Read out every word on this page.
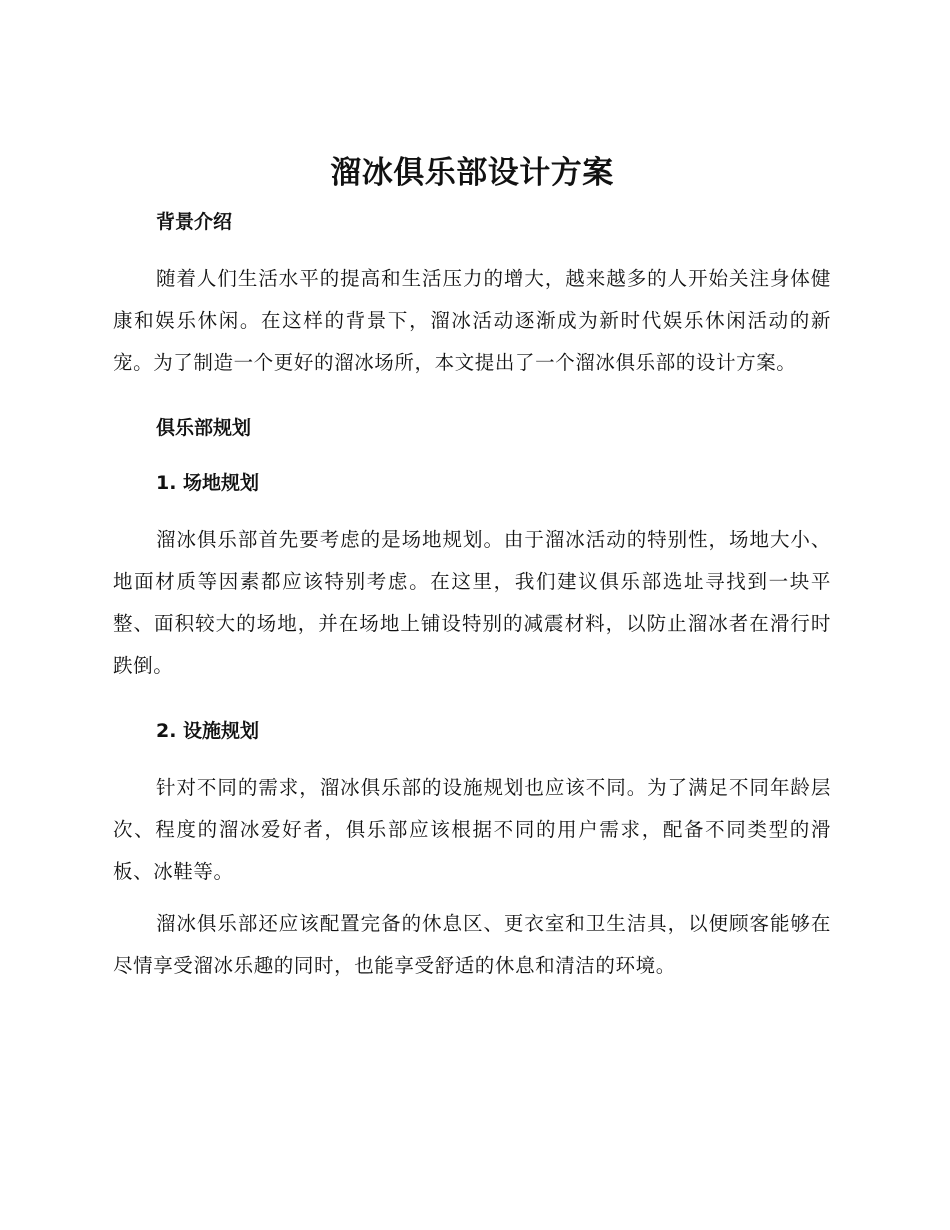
溜冰俱乐部设计方案
背景介绍

随着人们生活水平的提高和生活压力的增大，越来越多的人开始关注身体健康和娱乐休闲。在这样的背景下，溜冰活动逐渐成为新时代娱乐休闲活动的新宠。为了制造一个更好的溜冰场所，本文提出了一个溜冰俱乐部的设计方案。

俱乐部规划
1. 场地规划

溜冰俱乐部首先要考虑的是场地规划。由于溜冰活动的特别性，场地大小、地面材质等因素都应该特别考虑。在这里，我们建议俱乐部选址寻找到一块平整、面积较大的场地，并在场地上铺设特别的减震材料，以防止溜冰者在滑行时跌倒。

2. 设施规划

针对不同的需求，溜冰俱乐部的设施规划也应该不同。为了满足不同年龄层次、程度的溜冰爱好者，俱乐部应该根据不同的用户需求，配备不同类型的滑板、冰鞋等。

溜冰俱乐部还应该配置完备的休息区、更衣室和卫生洁具，以便顾客能够在尽情享受溜冰乐趣的同时，也能享受舒适的休息和清洁的环境。
